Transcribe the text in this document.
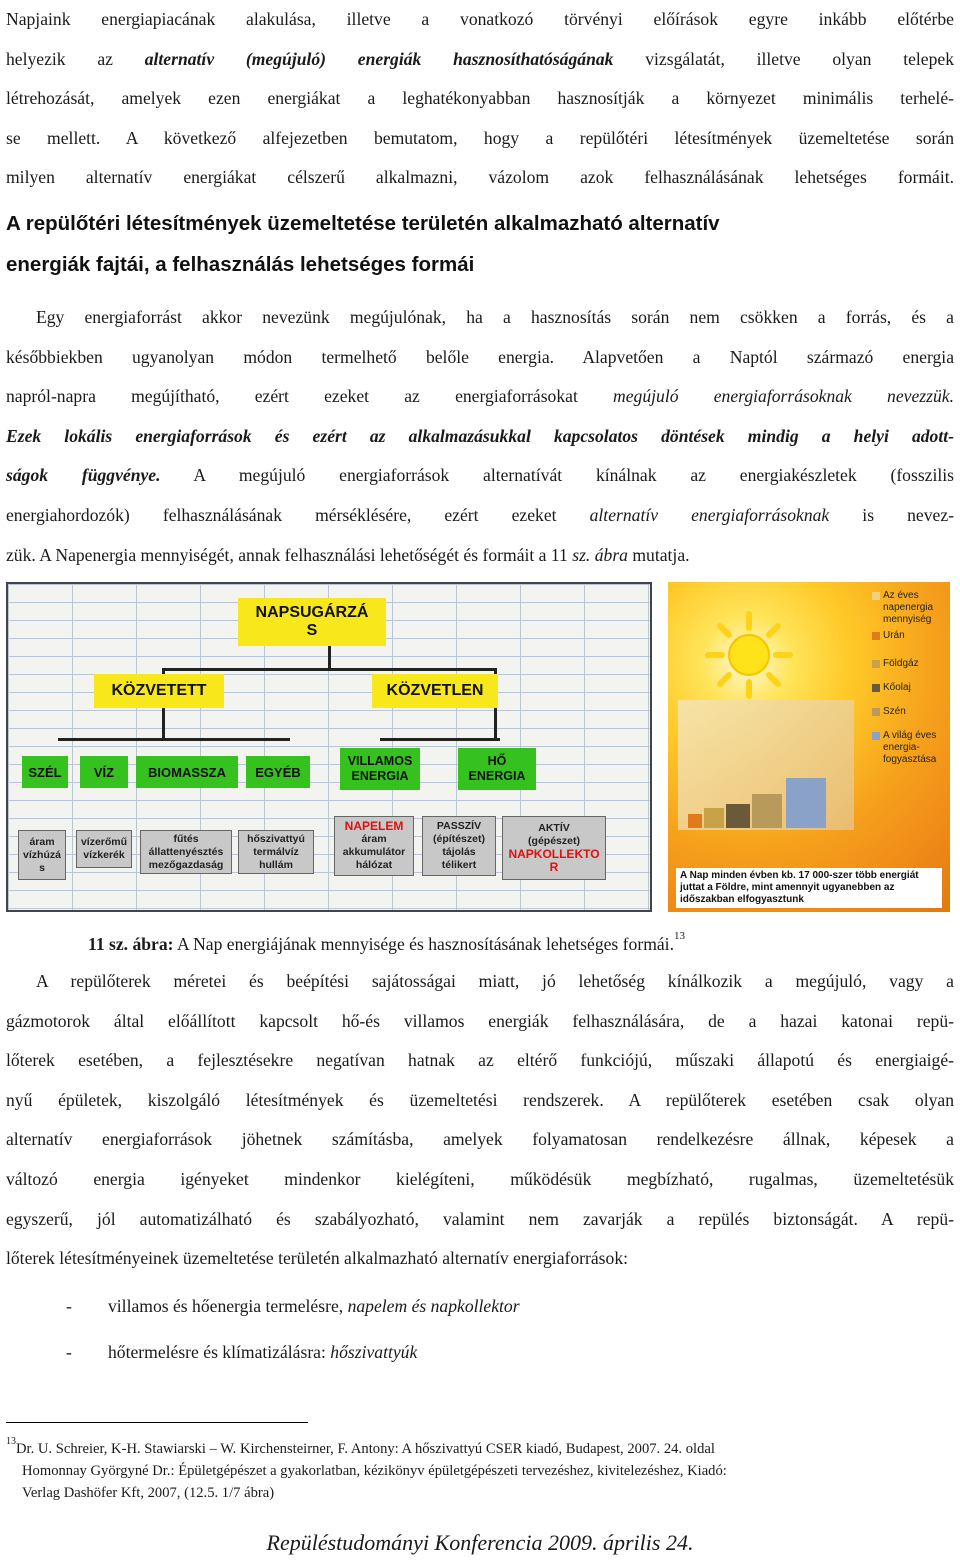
Napjaink energiapiacának alakulása, illetve a vonatkozó törvényi előírások egyre inkább előtérbe
helyezik az alternatív (megújuló) energiák hasznosíthatóságának vizsgálatát, illetve olyan telepek
létrehozását, amelyek ezen energiákat a leghatékonyabban hasznosítják a környezet minimális terhelé-
se mellett. A következő alfejezetben bemutatom, hogy a repülőtéri létesítmények üzemeltetése során
milyen alternatív energiákat célszerű alkalmazni, vázolom azok felhasználásának lehetséges formáit.
A repülőtéri létesítmények üzemeltetése területén alkalmazható alternatív
energiák fajtái, a felhasználás lehetséges formái
Egy energiaforrást akkor nevezünk megújulónak, ha a hasznosítás során nem csökken a forrás, és a
későbbiekben ugyanolyan módon termelhető belőle energia. Alapvetően a Naptól származó energia
napról-napra megújítható, ezért ezeket az energiaforrásokat megújuló energiaforrásoknak nevezzük.
Ezek lokális energiaforrások és ezért az alkalmazásukkal kapcsolatos döntések mindig a helyi adott-
ságok függvénye. A megújuló energiaforrások alternatívát kínálnak az energiakészletek (fosszilis
energiahordozók) felhasználásának mérséklésére, ezért ezeket alternatív energiaforrásoknak is nevez-
zük. A Napenergia mennyiségét, annak felhasználási lehetőségét és formáit a 11 sz. ábra mutatja.
NAPSUGÁRZÁ
S
KÖZVETETT	KÖZVETLEN
SZÉL	VÍZ	BIOMASSZA	EGYÉB
VILLAMOS
ENERGIA
HŐ
ENERGIA
áram
vízhúzá
s
vízerőmű
vízkerék
fűtés
állattenyésztés
mezőgazdaság
hőszivattyú
termálvíz
hullám
NAPELEM
áram
akkumulátor
hálózat
PASSZÍV
(építészet)
tájolás
télikert
AKTÍV
(gépészet)
NAPKOLLEKTO
R
Az éves napenergia mennyiség
Urán
Földgáz
Kőolaj
Szén
A világ éves energia-fogyasztása
A Nap minden évben kb. 17 000-szer több energiát juttat a Földre, mint amennyit ugyanebben az időszakban elfogyasztunk
11 sz. ábra: A Nap energiájának mennyisége és hasznosításának lehetséges formái.$^{13}$
A repülőterek méretei és beépítési sajátosságai miatt, jó lehetőség kínálkozik a megújuló, vagy a
gázmotorok által előállított kapcsolt hő-és villamos energiák felhasználására, de a hazai katonai repü-
lőterek esetében, a fejlesztésekre negatívan hatnak az eltérő funkciójú, műszaki állapotú és energiaigé-
nyű épületek, kiszolgáló létesítmények és üzemeltetési rendszerek. A repülőterek esetében csak olyan
alternatív energiaforrások jöhetnek számításba, amelyek folyamatosan rendelkezésre állnak, képesek a
változó energia igényeket mindenkor kielégíteni, működésük megbízható, rugalmas, üzemeltetésük
egyszerű, jól automatizálható és szabályozható, valamint nem zavarják a repülés biztonságát. A repü-
lőterek létesítményeinek üzemeltetése területén alkalmazható alternatív energiaforrások:
- villamos és hőenergia termelésre, napelem és napkollektor
- hőtermelésre és klímatizálásra: hőszivattyúk
$^{13}$Dr. U. Schreier, K-H. Stawiarski – W. Kirchensteirner, F. Antony: A hőszivattyú CSER kiadó, Budapest, 2007. 24. oldal
Homonnay Györgyné Dr.: Épületgépészet a gyakorlatban, kézikönyv épületgépészeti tervezéshez, kivitelezéshez, Kiadó:
Verlag Dashöfer Kft, 2007, (12.5. 1/7 ábra)
Repüléstudományi Konferencia 2009. április 24.
